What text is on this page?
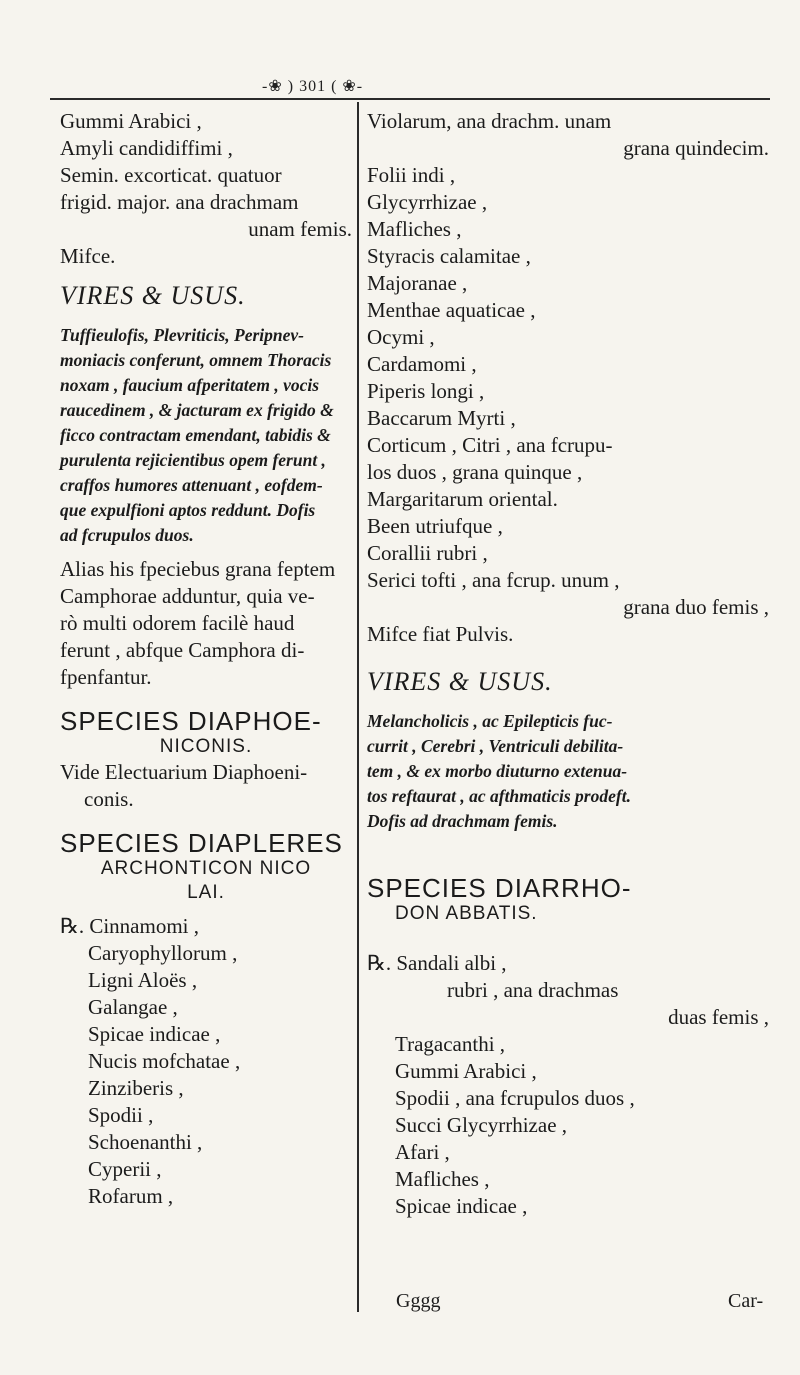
-❀ ) 301 ( ❀-

Gummi Arabici ,

Amyli candidiffimi ,

Semin. excorticat. quatuor

frigid. major. ana drachmam

unam femis.

Mifce.

VIRES & USUS.

Tuffieulofis, Plevriticis, Peripnev-

moniacis conferunt, omnem Thoracis

noxam , faucium afperitatem , vocis

raucedinem , & jacturam ex frigido &

ficco contractam emendant, tabidis &

purulenta rejicientibus opem ferunt ,

craffos humores attenuant , eofdem-

que expulfioni aptos reddunt. Dofis

ad fcrupulos duos.

Alias his fpeciebus grana feptem

Camphorae adduntur, quia ve-

rò multi odorem facilè haud

ferunt , abfque Camphora di-

fpenfantur.

SPECIES DIAPHOE-

NICONIS.

Vide Electuarium Diaphoeni-

conis.

SPECIES DIAPLERES

ARCHONTICON NICO

LAI.

℞. Cinnamomi ,

Caryophyllorum ,

Ligni Aloës ,

Galangae ,

Spicae indicae ,

Nucis mofchatae ,

Zinziberis ,

Spodii ,

Schoenanthi ,

Cyperii ,

Rofarum ,

Violarum, ana drachm. unam

grana quindecim.

Folii indi ,

Glycyrrhizae ,

Mafliches ,

Styracis calamitae ,

Majoranae ,

Menthae aquaticae ,

Ocymi ,

Cardamomi ,

Piperis longi ,

Baccarum Myrti ,

Corticum , Citri , ana fcrupu-

los duos , grana quinque ,

Margaritarum oriental.

Been utriufque ,

Corallii rubri ,

Serici tofti , ana fcrup. unum ,

grana duo femis ,

Mifce fiat Pulvis.

VIRES & USUS.

Melancholicis , ac Epilepticis fuc-

currit , Cerebri , Ventriculi debilita-

tem , & ex morbo diuturno extenua-

tos reftaurat , ac afthmaticis prodeft.

Dofis ad drachmam femis.

SPECIES DIARRHO-

DON ABBATIS.

℞. Sandali albi ,

rubri , ana drachmas

duas femis ,

Tragacanthi ,

Gummi Arabici ,

Spodii , ana fcrupulos duos ,

Succi Glycyrrhizae ,

Afari ,

Mafliches ,

Spicae indicae ,

Gggg	Car-
